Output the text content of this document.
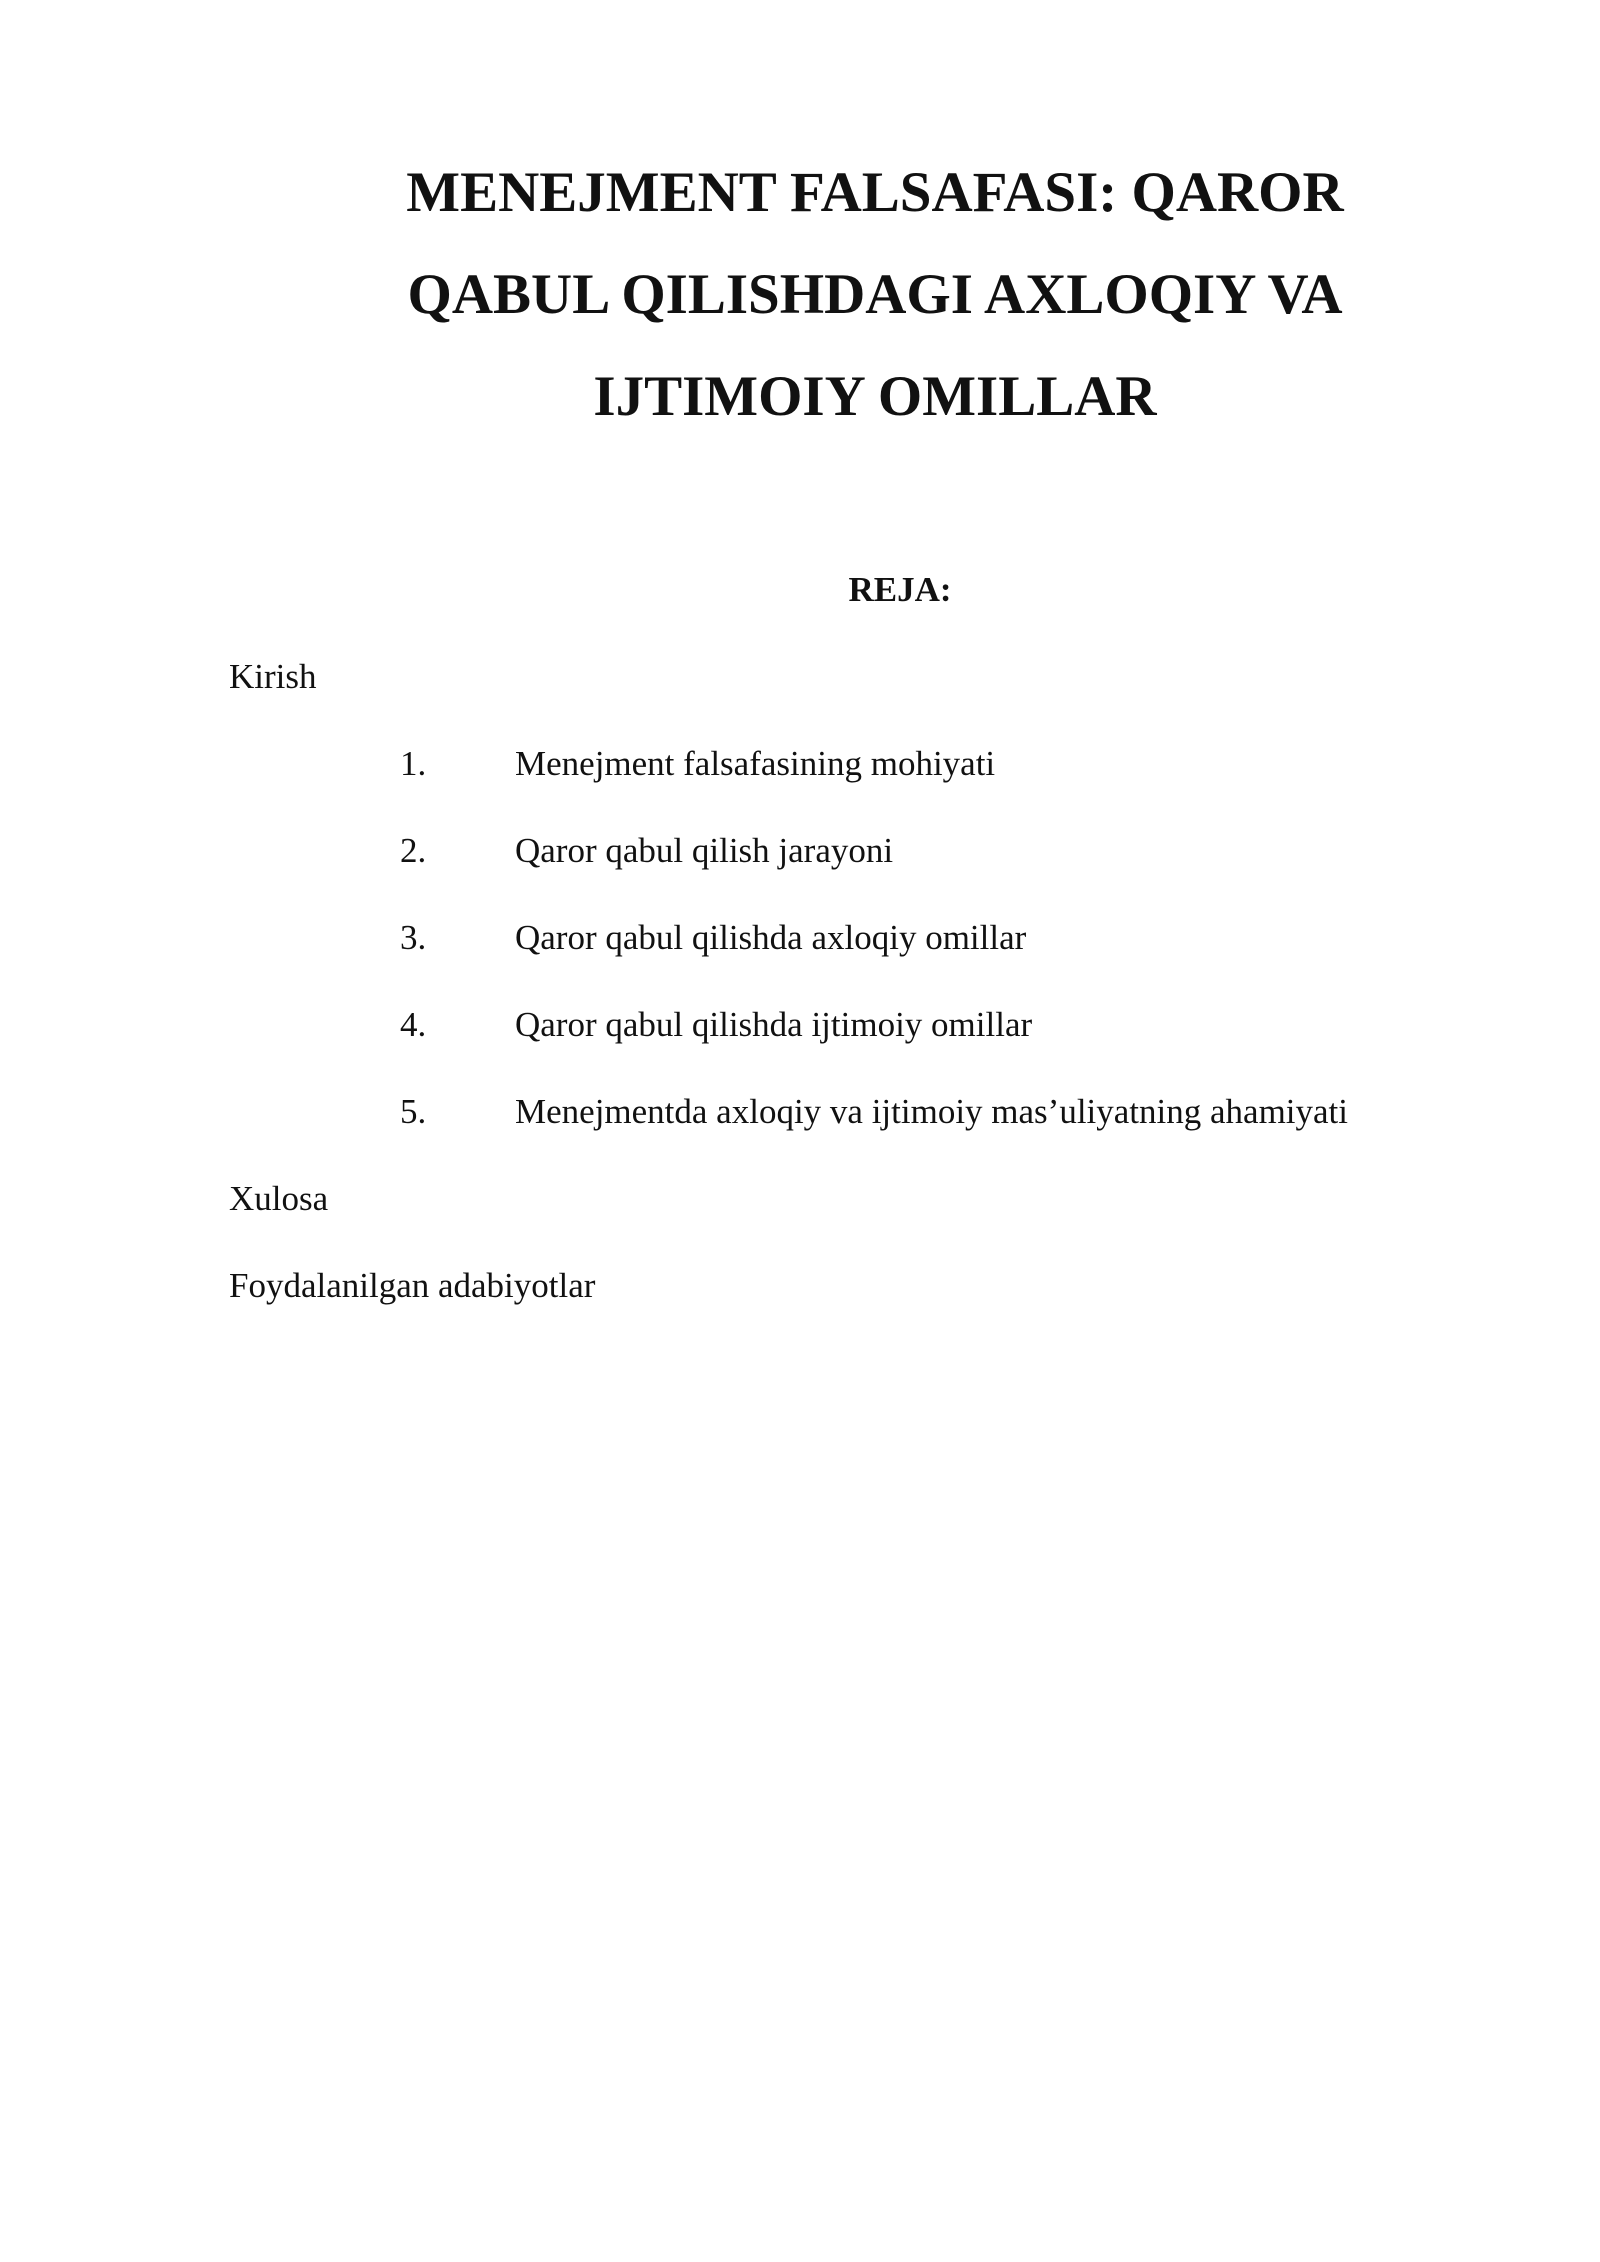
MENEJMENT FALSAFASI: QAROR
QABUL QILISHDAGI AXLOQIY VA
IJTIMOIY OMILLAR
REJA:
Kirish
1.	Menejment falsafasining mohiyati
2.	Qaror qabul qilish jarayoni
3.	Qaror qabul qilishda axloqiy omillar
4.	Qaror qabul qilishda ijtimoiy omillar
5.	Menejmentda axloqiy va ijtimoiy mas’uliyatning ahamiyati
Xulosa
Foydalanilgan adabiyotlar
